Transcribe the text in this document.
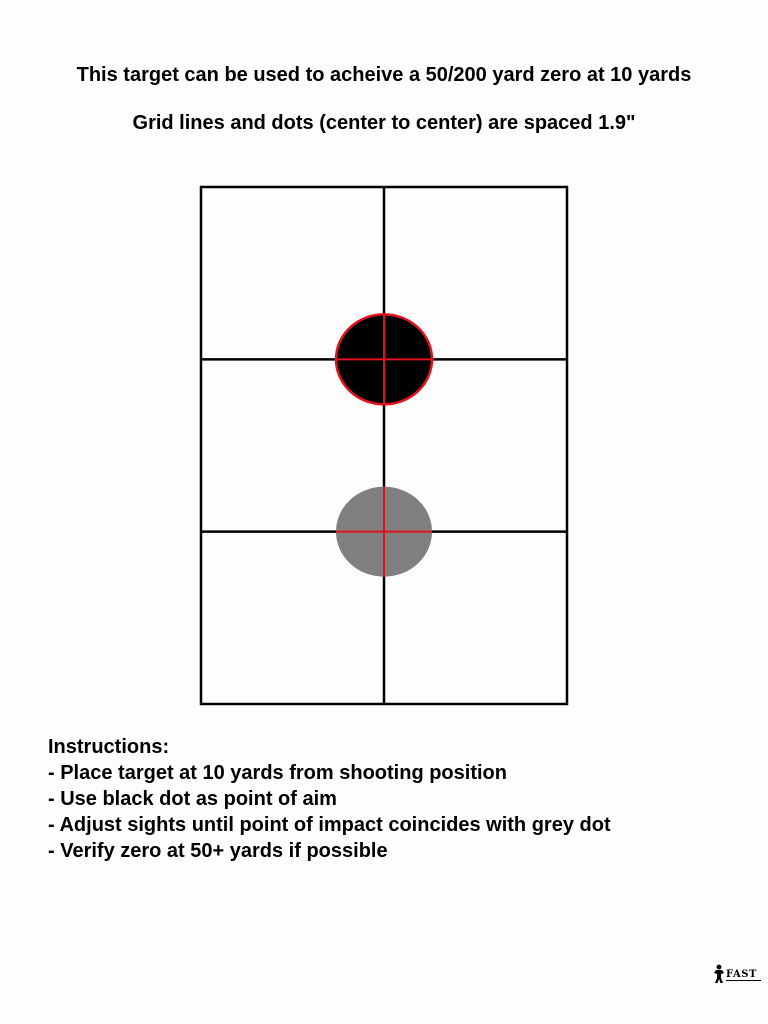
This target can be used to acheive a 50/200 yard zero at 10 yards
Grid lines and dots (center to center) are spaced 1.9"
Instructions:
- Place target at 10 yards from shooting position
- Use black dot as point of aim
- Adjust sights until point of impact coincides with grey dot
- Verify zero at 50+ yards if possible
FAST
